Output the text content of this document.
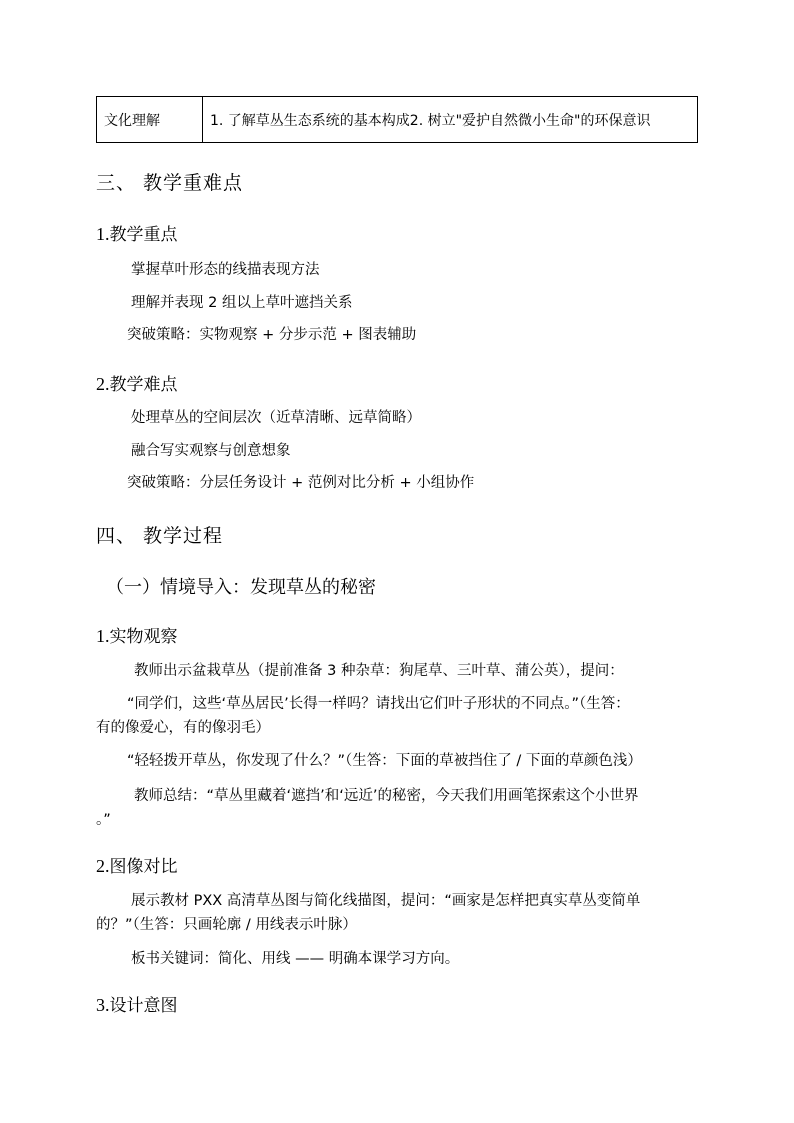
文化理解	1. 了解草丛生态系统的基本构成2. 树立"爱护自然微小生命"的环保意识
三、 教学重难点
1.教学重点
掌握草叶形态的线描表现方法
理解并表现 2 组以上草叶遮挡关系
突破策略：实物观察 + 分步示范 + 图表辅助
2.教学难点
处理草丛的空间层次（近草清晰、远草简略）
融合写实观察与创意想象
突破策略：分层任务设计 + 范例对比分析 + 小组协作
四、 教学过程
（一）情境导入：发现草丛的秘密
1.实物观察
教师出示盆栽草丛（提前准备 3 种杂草：狗尾草、三叶草、蒲公英），提问：
“同学们，这些‘草丛居民’长得一样吗？请找出它们叶子形状的不同点。”（生答：
有的像爱心，有的像羽毛）
“轻轻拨开草丛，你发现了什么？”（生答：下面的草被挡住了 / 下面的草颜色浅）
教师总结：“草丛里藏着‘遮挡’和‘远近’的秘密，今天我们用画笔探索这个小世界
。”
2.图像对比
展示教材 PXX 高清草丛图与简化线描图，提问：“画家是怎样把真实草丛变简单
的？”（生答：只画轮廓 / 用线表示叶脉）
板书关键词：简化、用线 —— 明确本课学习方向。
3.设计意图
